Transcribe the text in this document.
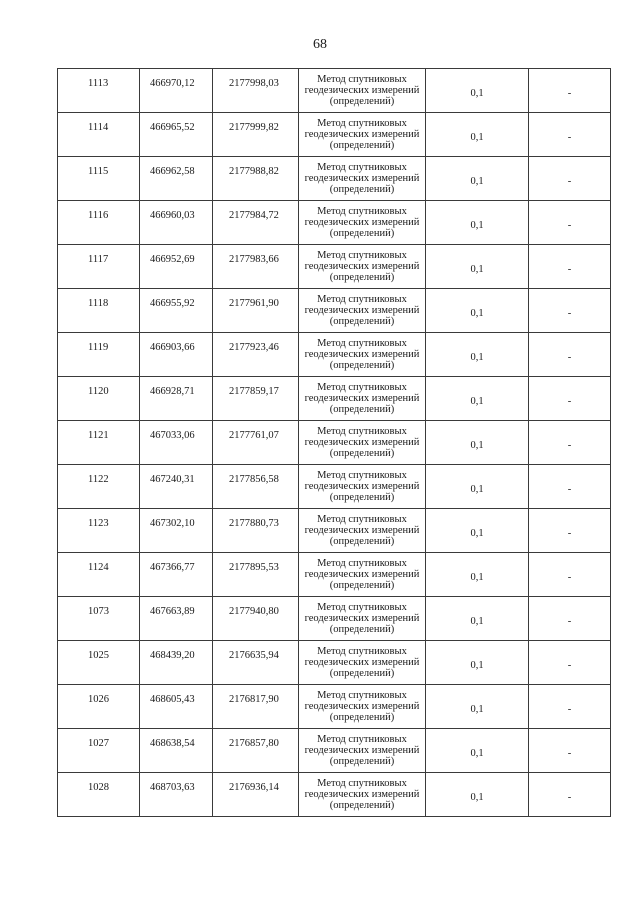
68
1113	466970,12	2177998,03	Метод спутниковых геодезических измерений (определений)	0,1	-
1114	466965,52	2177999,82	Метод спутниковых геодезических измерений (определений)	0,1	-
1115	466962,58	2177988,82	Метод спутниковых геодезических измерений (определений)	0,1	-
1116	466960,03	2177984,72	Метод спутниковых геодезических измерений (определений)	0,1	-
1117	466952,69	2177983,66	Метод спутниковых геодезических измерений (определений)	0,1	-
1118	466955,92	2177961,90	Метод спутниковых геодезических измерений (определений)	0,1	-
1119	466903,66	2177923,46	Метод спутниковых геодезических измерений (определений)	0,1	-
1120	466928,71	2177859,17	Метод спутниковых геодезических измерений (определений)	0,1	-
1121	467033,06	2177761,07	Метод спутниковых геодезических измерений (определений)	0,1	-
1122	467240,31	2177856,58	Метод спутниковых геодезических измерений (определений)	0,1	-
1123	467302,10	2177880,73	Метод спутниковых геодезических измерений (определений)	0,1	-
1124	467366,77	2177895,53	Метод спутниковых геодезических измерений (определений)	0,1	-
1073	467663,89	2177940,80	Метод спутниковых геодезических измерений (определений)	0,1	-
1025	468439,20	2176635,94	Метод спутниковых геодезических измерений (определений)	0,1	-
1026	468605,43	2176817,90	Метод спутниковых геодезических измерений (определений)	0,1	-
1027	468638,54	2176857,80	Метод спутниковых геодезических измерений (определений)	0,1	-
1028	468703,63	2176936,14	Метод спутниковых геодезических измерений (определений)	0,1	-
